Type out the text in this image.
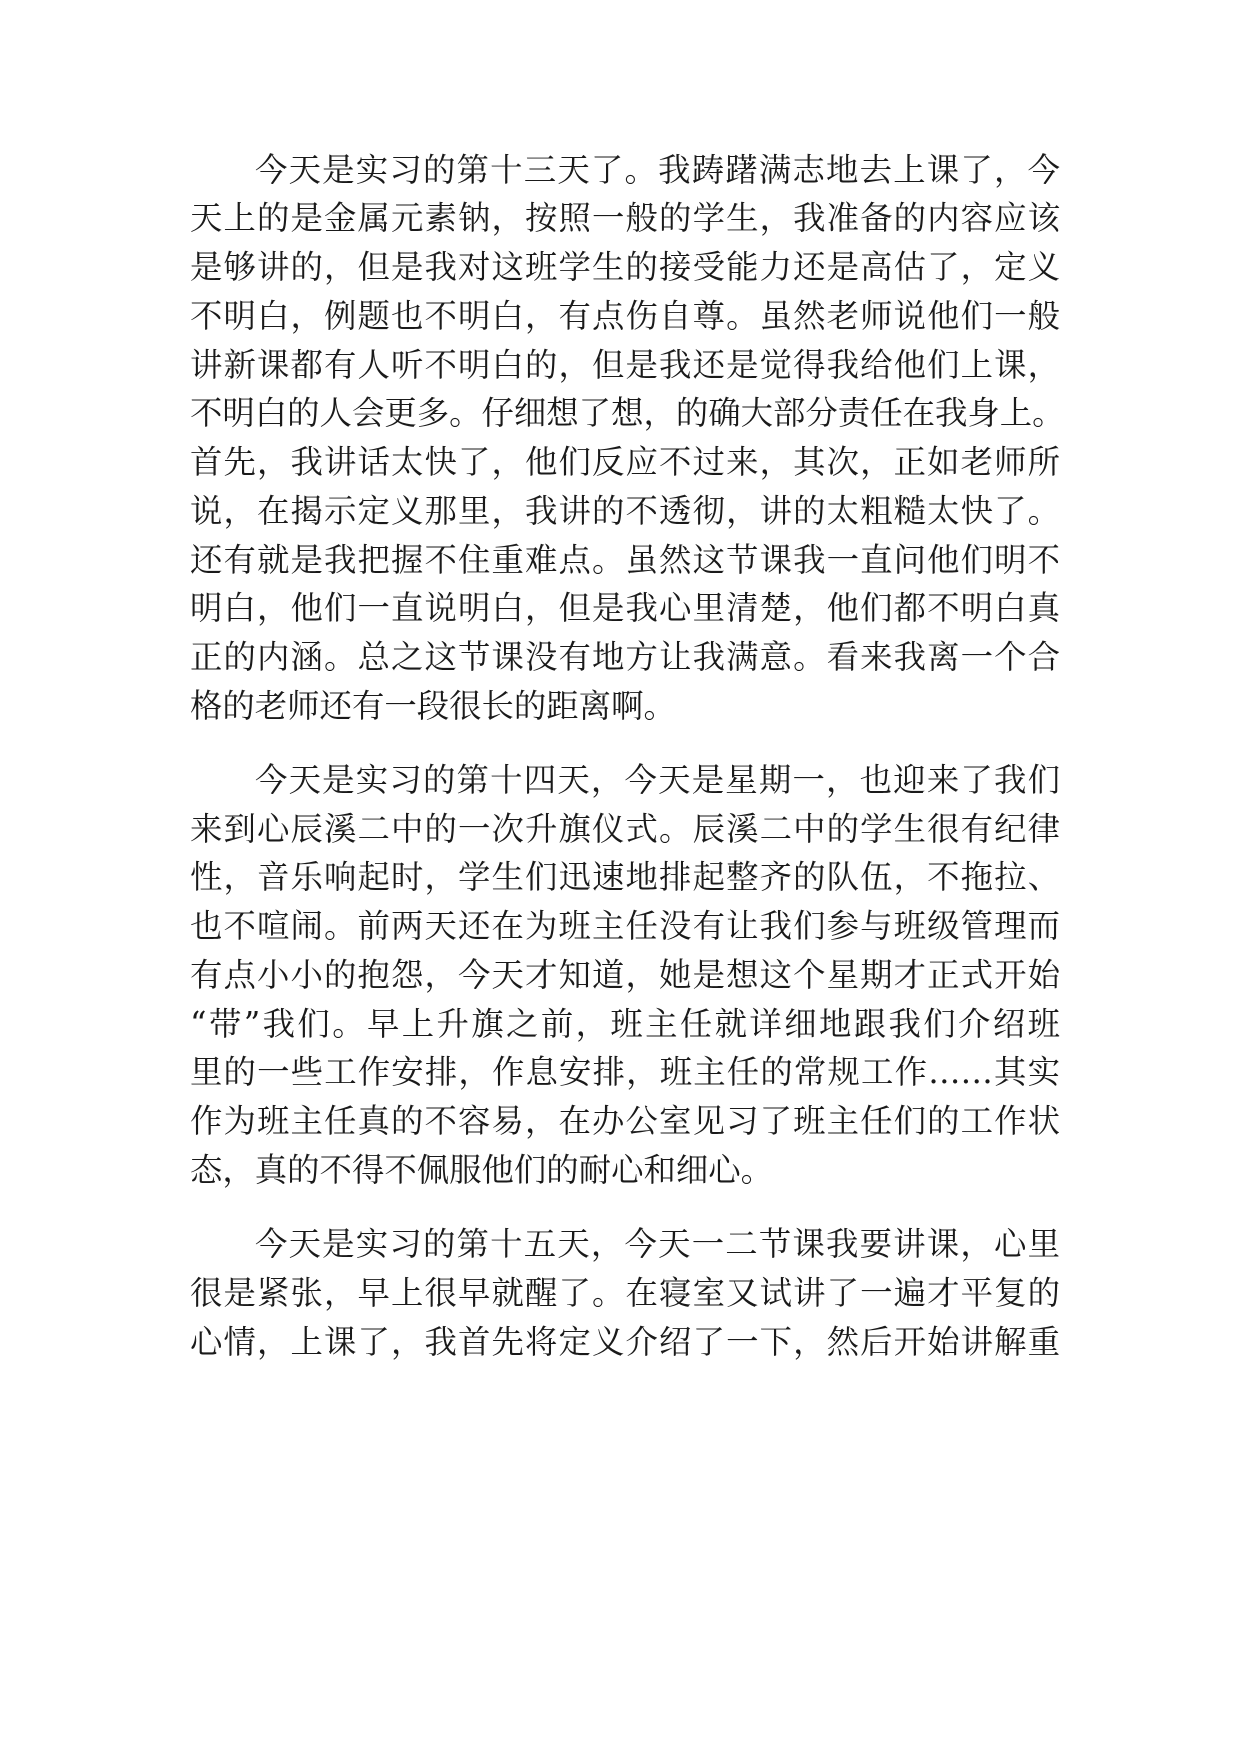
今天是实习的第十三天了。我踌躇满志地去上课了，今
天上的是金属元素钠，按照一般的学生，我准备的内容应该
是够讲的，但是我对这班学生的接受能力还是高估了，定义
不明白，例题也不明白，有点伤自尊。虽然老师说他们一般
讲新课都有人听不明白的，但是我还是觉得我给他们上课，
不明白的人会更多。仔细想了想，的确大部分责任在我身上。
首先，我讲话太快了，他们反应不过来，其次，正如老师所
说，在揭示定义那里，我讲的不透彻，讲的太粗糙太快了。
还有就是我把握不住重难点。虽然这节课我一直问他们明不
明白，他们一直说明白，但是我心里清楚，他们都不明白真
正的内涵。总之这节课没有地方让我满意。看来我离一个合
格的老师还有一段很长的距离啊。
今天是实习的第十四天，今天是星期一，也迎来了我们
来到心辰溪二中的一次升旗仪式。辰溪二中的学生很有纪律
性，音乐响起时，学生们迅速地排起整齐的队伍，不拖拉、
也不喧闹。前两天还在为班主任没有让我们参与班级管理而
有点小小的抱怨，今天才知道，她是想这个星期才正式开始
“带”我们。早上升旗之前，班主任就详细地跟我们介绍班
里的一些工作安排，作息安排，班主任的常规工作……其实
作为班主任真的不容易，在办公室见习了班主任们的工作状
态，真的不得不佩服他们的耐心和细心。
今天是实习的第十五天，今天一二节课我要讲课，心里
很是紧张，早上很早就醒了。在寝室又试讲了一遍才平复的
心情，上课了，我首先将定义介绍了一下，然后开始讲解重
